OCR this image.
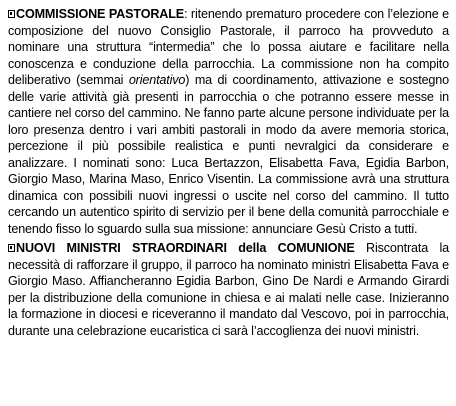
COMMISSIONE PASTORALE: ritenendo prematuro procedere con l’elezione e composizione del nuovo Consiglio Pastorale, il parroco ha provveduto a nominare una struttura “intermedia” che lo possa aiutare e facilitare nella conoscenza e conduzione della parrocchia. La commissione non ha compito deliberativo (semmai orientativo) ma di coordinamento, attivazione e sostegno delle varie attività già presenti in parrocchia o che potranno essere messe in cantiere nel corso del cammino. Ne fanno parte alcune persone individuate per la loro presenza dentro i vari ambiti pastorali in modo da avere memoria storica, percezione il più possibile realistica e punti nevralgici da considerare e analizzare. I nominati sono: Luca Bertazzon, Elisabetta Fava, Egidia Barbon, Giorgio Maso, Marina Maso, Enrico Visentin. La commissione avrà una struttura dinamica con possibili nuovi ingressi o uscite nel corso del cammino. Il tutto cercando un autentico spirito di servizio per il bene della comunità parrocchiale e tenendo fisso lo sguardo sulla sua missione: annunciare Gesù Cristo a tutti.

NUOVI MINISTRI STRAORDINARI della COMUNIONE Riscontrata la necessità di rafforzare il gruppo, il parroco ha nominato ministri Elisabetta Fava e Giorgio Maso. Affiancheranno Egidia Barbon, Gino De Nardi e Armando Girardi per la distribuzione della comunione in chiesa e ai malati nelle case. Inizieranno la formazione in diocesi e riceveranno il mandato dal Vescovo, poi in parrocchia, durante una celebrazione eucaristica ci sarà l’accoglienza dei nuovi ministri.
